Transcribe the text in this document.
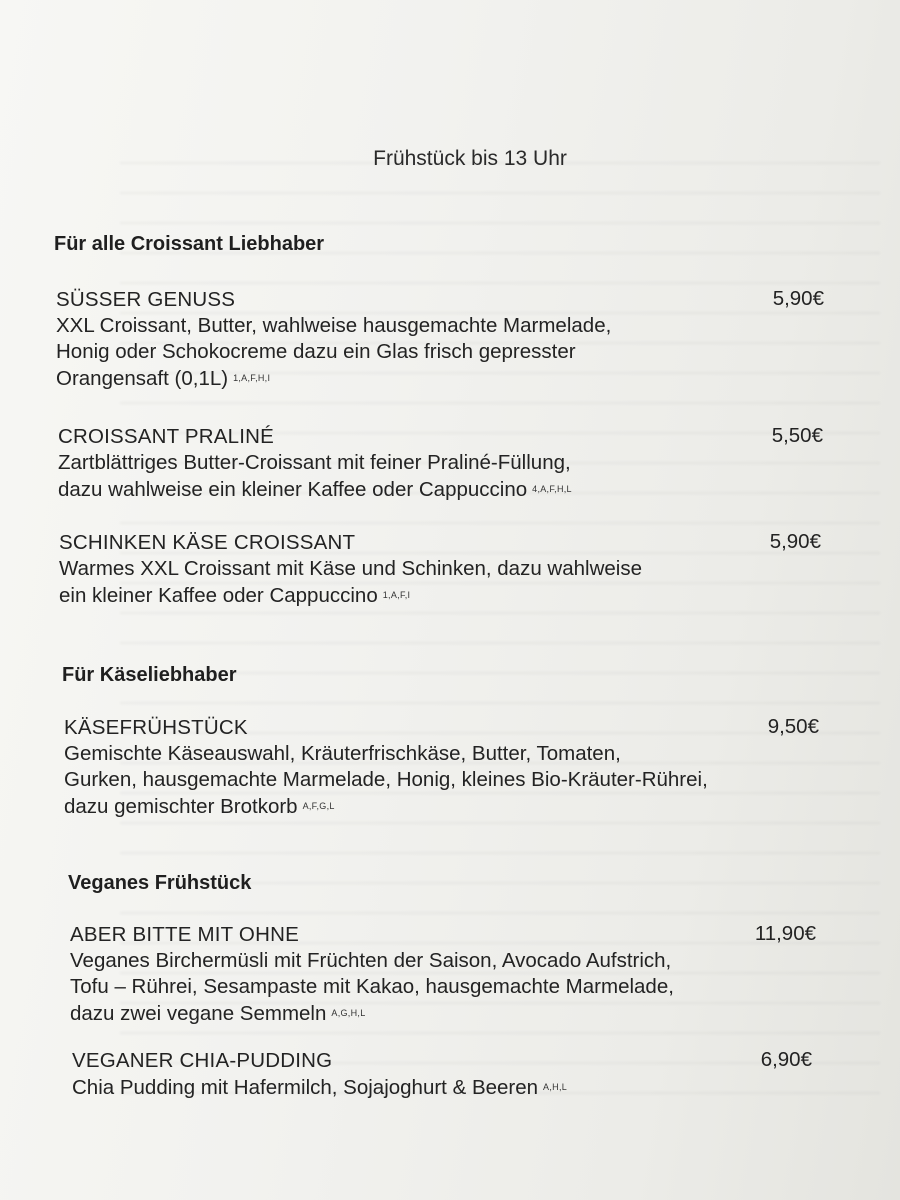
Frühstück bis 13 Uhr
Für alle Croissant Liebhaber
SÜSSER GENUSS
XXL Croissant, Butter, wahlweise hausgemachte Marmelade,
Honig oder Schokocreme dazu ein Glas frisch gepresster
Orangensaft (0,1L) 1,A,F,H,I
5,90€
CROISSANT PRALINÉ
Zartblättriges Butter-Croissant mit feiner Praliné-Füllung,
dazu wahlweise ein kleiner Kaffee oder Cappuccino 4,A,F,H,L
5,50€
SCHINKEN KÄSE CROISSANT
Warmes XXL Croissant mit Käse und Schinken, dazu wahlweise
ein kleiner Kaffee oder Cappuccino 1,A,F,I
5,90€
Für Käseliebhaber
KÄSEFRÜHSTÜCK
Gemischte Käseauswahl, Kräuterfrischkäse, Butter, Tomaten,
Gurken, hausgemachte Marmelade, Honig, kleines Bio-Kräuter-Rührei,
dazu gemischter Brotkorb A,F,G,L
9,50€
Veganes Frühstück
ABER BITTE MIT OHNE
Veganes Birchermüsli mit Früchten der Saison, Avocado Aufstrich,
Tofu – Rührei, Sesampaste mit Kakao, hausgemachte Marmelade,
dazu zwei vegane Semmeln A,G,H,L
11,90€
VEGANER CHIA-PUDDING
Chia Pudding mit Hafermilch, Sojajoghurt & Beeren A,H,L
6,90€
